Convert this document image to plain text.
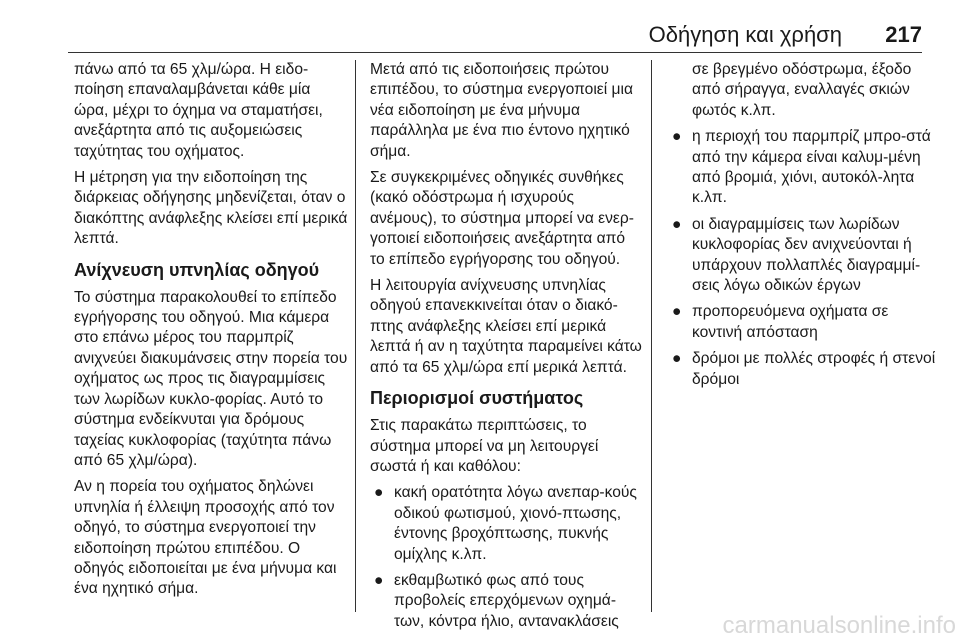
Οδήγηση και χρήση 217

πάνω από τα 65 χλμ/ώρα. Η ειδο-ποίηση επαναλαμβάνεται κάθε μία ώρα, μέχρι το όχημα να σταματήσει, ανεξάρτητα από τις αυξομειώσεις ταχύτητας του οχήματος.

Η μέτρηση για την ειδοποίηση της διάρκειας οδήγησης μηδενίζεται, όταν ο διακόπτης ανάφλεξης κλείσει επί μερικά λεπτά.

Ανίχνευση υπνηλίας οδηγού

Το σύστημα παρακολουθεί το επίπεδο εγρήγορσης του οδηγού. Μια κάμερα στο επάνω μέρος του παρμπρίζ ανιχνεύει διακυμάνσεις στην πορεία του οχήματος ως προς τις διαγραμμίσεις των λωρίδων κυκλο-φορίας. Αυτό το σύστημα ενδείκνυται για δρόμους ταχείας κυκλοφορίας (ταχύτητα πάνω από 65 χλμ/ώρα).

Αν η πορεία του οχήματος δηλώνει υπνηλία ή έλλειψη προσοχής από τον οδηγό, το σύστημα ενεργοποιεί την ειδοποίηση πρώτου επιπέδου. Ο οδηγός ειδοποιείται με ένα μήνυμα και ένα ηχητικό σήμα.

Μετά από τις ειδοποιήσεις πρώτου επιπέδου, το σύστημα ενεργοποιεί μια νέα ειδοποίηση με ένα μήνυμα παράλληλα με ένα πιο έντονο ηχητικό σήμα.

Σε συγκεκριμένες οδηγικές συνθήκες (κακό οδόστρωμα ή ισχυρούς ανέμους), το σύστημα μπορεί να ενερ-γοποιεί ειδοποιήσεις ανεξάρτητα από το επίπεδο εγρήγορσης του οδηγού.

Η λειτουργία ανίχνευσης υπνηλίας οδηγού επανεκκινείται όταν ο διακό-πτης ανάφλεξης κλείσει επί μερικά λεπτά ή αν η ταχύτητα παραμείνει κάτω από τα 65 χλμ/ώρα επί μερικά λεπτά.

Περιορισμοί συστήματος

Στις παρακάτω περιπτώσεις, το σύστημα μπορεί να μη λειτουργεί σωστά ή και καθόλου:

● κακή ορατότητα λόγω ανεπαρ-κούς οδικού φωτισμού, χιονό-πτωσης, έντονης βροχόπτωσης, πυκνής ομίχλης κ.λπ.
● εκθαμβωτικό φως από τους προβολείς επερχόμενων οχημά-των, κόντρα ήλιο, αντανακλάσεις
σε βρεγμένο οδόστρωμα, έξοδο από σήραγγα, εναλλαγές σκιών φωτός κ.λπ.
● η περιοχή του παρμπρίζ μπρο-στά από την κάμερα είναι καλυμ-μένη από βρομιά, χιόνι, αυτοκόλ-λητα κ.λπ.
● οι διαγραμμίσεις των λωρίδων κυκλοφορίας δεν ανιχνεύονται ή υπάρχουν πολλαπλές διαγραμμί-σεις λόγω οδικών έργων
● προπορευόμενα οχήματα σε κοντινή απόσταση
● δρόμοι με πολλές στροφές ή στενοί δρόμοι
carmanualsonline.info
